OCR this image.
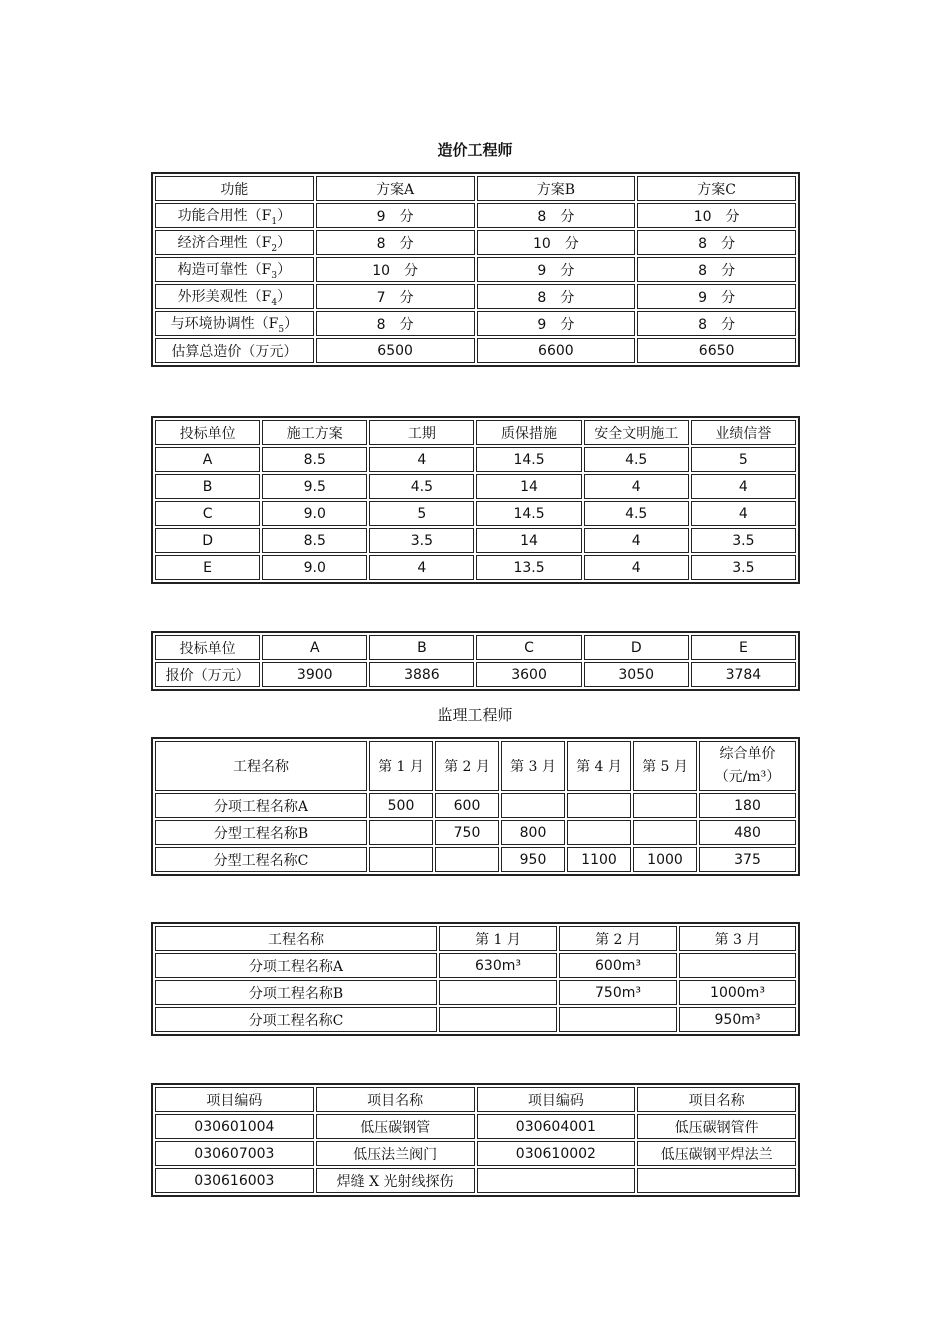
造价工程师
功能	方案A	方案B	方案C
功能合用性$(F_1)$	9　分	8　分	10　分
经济合理性$(F_2)$	8　分	10　分	8　分
构造可靠性$(F_3)$	10　分	9　分	8　分
外形美观性$(F_4)$	7　分	8　分	9　分
与环境协调性$(F_5)$	8　分	9　分	8　分
估算总造价（万元）	6500	6600	6650
投标单位	施工方案	工期	质保措施	安全文明施工	业绩信誉
A	8.5	4	14.5	4.5	5
B	9.5	4.5	14	4	4
C	9.0	5	14.5	4.5	4
D	8.5	3.5	14	4	3.5
E	9.0	4	13.5	4	3.5
投标单位	A	B	C	D	E
报价（万元）	3900	3886	3600	3050	3784
监理工程师
工程名称	第 1 月	第 2 月	第 3 月	第 4 月	第 5 月	综合单价
（元/m³）
分项工程名称A	500	600				180
分型工程名称B		750	800			480
分型工程名称C			950	1100	1000	375
工程名称	第 1 月	第 2 月	第 3 月
分项工程名称A	630m³	600m³	
分项工程名称B		750m³	1000m³
分项工程名称C			950m³
项目编码	项目名称	项目编码	项目名称
030601004	低压碳钢管	030604001	低压碳钢管件
030607003	低压法兰阀门	030610002	低压碳钢平焊法兰
030616003	焊缝 X 光射线探伤		
